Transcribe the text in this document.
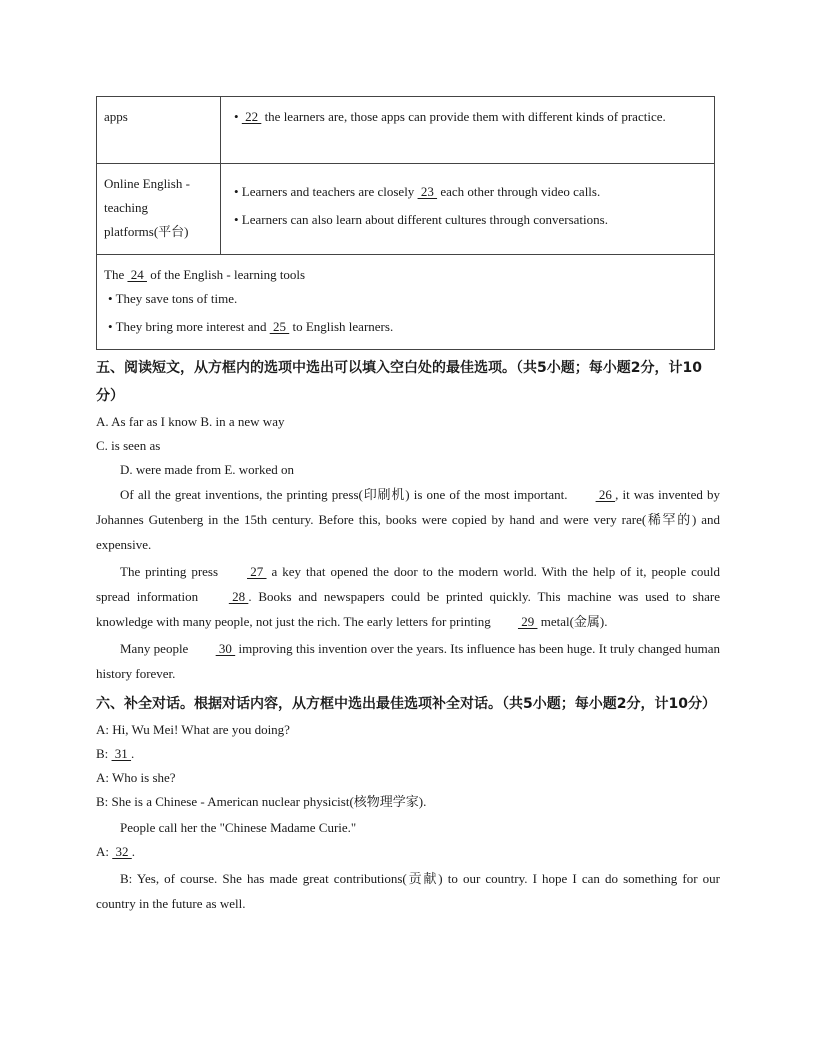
apps	•  22  the learners are, those apps can provide them with different kinds of practice.
Online English - teaching platforms(平台)	• Learners and teachers are closely  23  each other through video calls.
• Learners can also learn about different cultures through conversations.

The  24  of the English - learning tools
• They save tons of time.
• They bring more interest and  25  to English learners.	
五、阅读短文，从方框内的选项中选出可以填入空白处的最佳选项。（共5小题；每小题2分，计10分）

A. As far as I know B. in a new way

C. is seen as

D. were made from E. worked on

Of all the great inventions, the printing press(印刷机) is one of the most important.  26 , it was invented by Johannes Gutenberg in the 15th century. Before this, books were copied by hand and were very rare(稀罕的) and expensive.

The printing press  27  a key that opened the door to the modern world. With the help of it, people could spread information  28 . Books and newspapers could be printed quickly. This machine was used to share knowledge with many people, not just the rich. The early letters for printing  29  metal(金属).

Many people  30  improving this invention over the years. Its influence has been huge. It truly changed human history forever.

六、补全对话。根据对话内容，从方框中选出最佳选项补全对话。（共5小题；每小题2分，计10分）

A: Hi, Wu Mei! What are you doing?

B:  31 .

A: Who is she?

B: She is a Chinese - American nuclear physicist(核物理学家).

People call her the "Chinese Madame Curie."

A:  32 .

B: Yes, of course. She has made great contributions(贡献) to our country. I hope I can do something for our country in the future as well.
